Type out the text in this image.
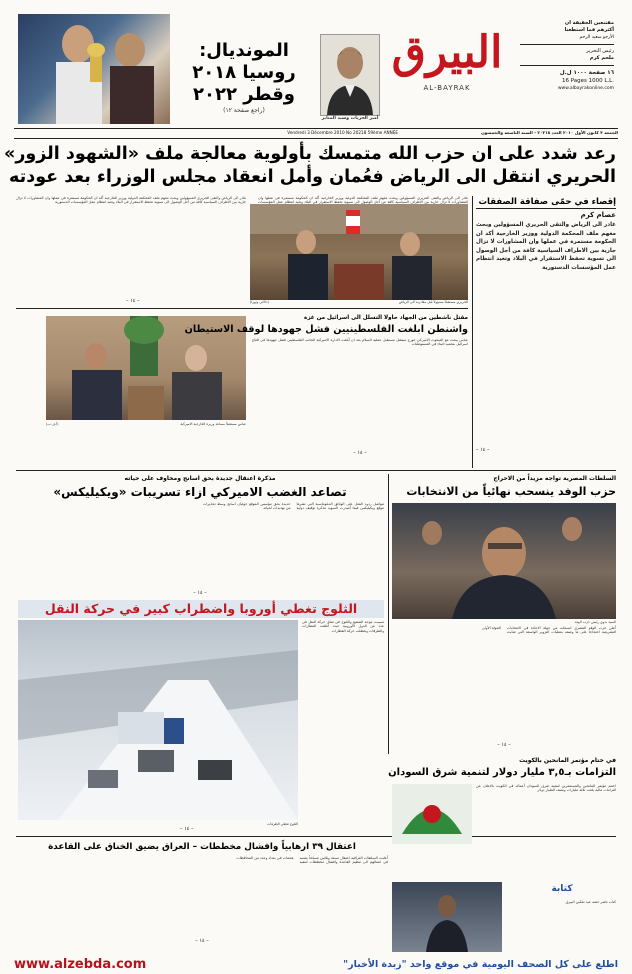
المونديال:
روسيا ٢٠١٨
وقطر ٢٠٢٢
(راجع صفحة ١٢)
أمير الحريات وسيد المنابر
البيرق
AL-BAYRAK
مقتنعين الحقيقة ان
أكثرهم فما استطعنا
الأرجو سعيد الرحم
رئيس التحرير
ملحم كرم
١٦ صفحة ١٠٠٠ ل.ل
16 Pages 1000 L.L.
www.albayrakonline.com
الجمعة ٣ كانون الأول ٢٠١٠ العدد ٢٠٢١٨ - السنة التاسعة والخمسون
Vendredi 3 Décembre 2010 No 20218 59ème ANNÉE
رعد شدد على ان حزب الله متمسك بأولوية معالجة ملف «الشهود الزور»
الحريري انتقل الى الرياض فعُمان وأمل انعقاد مجلس الوزراء بعد عودته
إقصاء في حمّى صفاقة الصفقات
عصام كرم
غادر الى الرياض والتقى الحريري المسؤولين وبحث معهم ملف المحكمة الدولية ووزير الخارجية أكد ان الحكومة مستمرة في عملها وان المشاورات لا تزال جارية بين الاطراف السياسية كافة من أجل الوصول الى تسوية تحفظ الاستقرار في البلاد وتعيد انتظام عمل المؤسسات الدستورية
– ١٤ –
غادر الى الرياض والتقى الحريري المسؤولين وبحث معهم ملف المحكمة الدولية ووزير الخارجية أكد ان الحكومة مستمرة في عملها وان المشاورات لا تزال جارية بين الاطراف السياسية كافة من أجل الوصول الى تسوية تحفظ الاستقرار في البلاد وتعيد انتظام عمل المؤسسات
غادر الى الرياض والتقى الحريري المسؤولين وبحث معهم ملف المحكمة الدولية ووزير الخارجية أكد ان الحكومة مستمرة في عملها وان المشاورات لا تزال جارية بين الاطراف السياسية كافة من أجل الوصول الى تسوية تحفظ الاستقرار في البلاد وتعيد انتظام عمل المؤسسات الدستورية
– ١٤ –	الحريري مستقبلاً مسؤولاً قبل مغادرته الى الرياض
(دالاتي ونهرا)
عباس مستقبلاً مساعد وزيرة الخارجية الاميركية
(أ.ف.ب)
مقتل ناشطين من الجهاد حاولا التسلل الى اسرائيل من غزة
واشنطن ابلغت الفلسطينيين فشل جهودها لوقف الاستيطان
عباس يبحث مع المبعوث الاميركي جورج ميتشل مستقبل عملية السلام بعد ان أبلغت الادارة الاميركية الجانب الفلسطيني فشل جهودها في اقناع اسرائيل بتجميد البناء في المستوطنات
– ١٤ –
مذكرة اعتقال جديدة بحق اسانج ومخاوف على حياته
تصاعد الغضب الاميركي ازاء تسريبات «ويكيليكس»
تتواصل ردود الفعل على الوثائق الدبلوماسية التي نشرها موقع ويكيليكس فيما أصدرت السويد مذكرة توقيف دولية جديدة بحق مؤسس الموقع جوليان اسانج وسط تحذيرات من تهديدات لحياته
– ١٤ –
السلطات المصرية تواجه مزيداً من الاحراج
حزب الوفد ينسحب نهائياً من الانتخابات
السيد بدوي رئيس حزب الوفد
أعلن حزب الوفد المصري انسحابه من جولة الاعادة في الانتخابات التشريعية احتجاجاً على ما وصفه بعمليات التزوير الواسعة التي شابت الجولة الأولى
– ١٤ –
الثلوج تغطي أوروبا واضطراب كبير في حركة النقل
الثلوج تغطي الطرقات
تسببت موجة الصقيع والثلوج في شلل حركة النقل في عدد من الدول الأوروبية حيث أغلقت المطارات والطرقات وتعطلت حركة القطارات
– ١٤ –
في ختام مؤتمر المانحين بالكويت
التزامات بـ٣,٥ مليار دولار لتنمية شرق السودان
اختتم مؤتمر المانحين والمستثمرين لتنمية شرق السودان أعماله في الكويت بالاعلان عن التزامات مالية بلغت ثلاثة مليارات ونصف المليار دولار
اعتقال ٣٩ ارهابياً وافشال مخططات – العراق يضيق الخناق على القاعدة
أعلنت السلطات العراقية اعتقال تسعة وثلاثين مسلحاً يشتبه في انتمائهم الى تنظيم القاعدة وافشال مخططات لتنفيذ هجمات في بغداد وعدد من المحافظات
– ١٤ –
كتابة
كتاب ناشر حتمه عيد تمكين البيرق
www.alzebda.com	اطلع على كل الصحف اليومية في موقع واحد "زبدة الأخبار"
